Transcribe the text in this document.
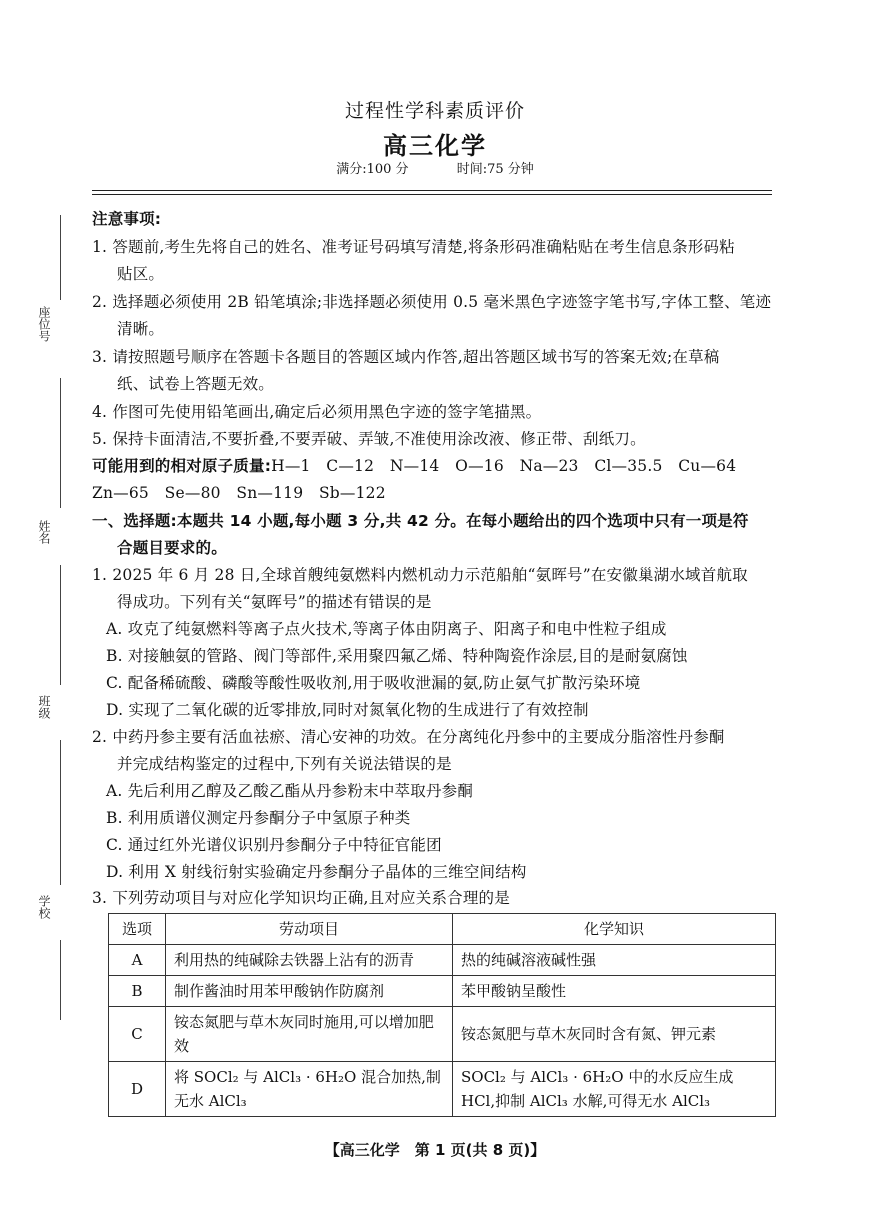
过程性学科素质评价
高三化学
满分:100 分	时间:75 分钟
座位号
姓名
班级
学校
注意事项:
1. 答题前,考生先将自己的姓名、准考证号码填写清楚,将条形码准确粘贴在考生信息条形码粘
贴区。
2. 选择题必须使用 2B 铅笔填涂;非选择题必须使用 0.5 毫米黑色字迹签字笔书写,字体工整、笔迹
清晰。
3. 请按照题号顺序在答题卡各题目的答题区域内作答,超出答题区域书写的答案无效;在草稿
纸、试卷上答题无效。
4. 作图可先使用铅笔画出,确定后必须用黑色字迹的签字笔描黑。
5. 保持卡面清洁,不要折叠,不要弄破、弄皱,不准使用涂改液、修正带、刮纸刀。
可能用到的相对原子质量:H—1　C—12　N—14　O—16　Na—23　Cl—35.5　Cu—64
Zn—65　Se—80　Sn—119　Sb—122
一、选择题:本题共 14 小题,每小题 3 分,共 42 分。在每小题给出的四个选项中只有一项是符
合题目要求的。
1. 2025 年 6 月 28 日,全球首艘纯氨燃料内燃机动力示范船舶“氨晖号”在安徽巢湖水域首航取
得成功。下列有关“氨晖号”的描述有错误的是
A. 攻克了纯氨燃料等离子点火技术,等离子体由阴离子、阳离子和电中性粒子组成
B. 对接触氨的管路、阀门等部件,采用聚四氟乙烯、特种陶瓷作涂层,目的是耐氨腐蚀
C. 配备稀硫酸、磷酸等酸性吸收剂,用于吸收泄漏的氨,防止氨气扩散污染环境
D. 实现了二氧化碳的近零排放,同时对氮氧化物的生成进行了有效控制
2. 中药丹参主要有活血祛瘀、清心安神的功效。在分离纯化丹参中的主要成分脂溶性丹参酮
并完成结构鉴定的过程中,下列有关说法错误的是
A. 先后利用乙醇及乙酸乙酯从丹参粉末中萃取丹参酮
B. 利用质谱仪测定丹参酮分子中氢原子种类
C. 通过红外光谱仪识别丹参酮分子中特征官能团
D. 利用 X 射线衍射实验确定丹参酮分子晶体的三维空间结构
3. 下列劳动项目与对应化学知识均正确,且对应关系合理的是
选项	劳动项目	化学知识
A	利用热的纯碱除去铁器上沾有的沥青	热的纯碱溶液碱性强
B	制作酱油时用苯甲酸钠作防腐剂	苯甲酸钠呈酸性
C	铵态氮肥与草木灰同时施用,可以增加肥效	铵态氮肥与草木灰同时含有氮、钾元素
D	将 SOCl₂ 与 AlCl₃ · 6H₂O 混合加热,制无水 AlCl₃	SOCl₂ 与 AlCl₃ · 6H₂O 中的水反应生成 HCl,抑制 AlCl₃ 水解,可得无水 AlCl₃
【高三化学　第 1 页(共 8 页)】
